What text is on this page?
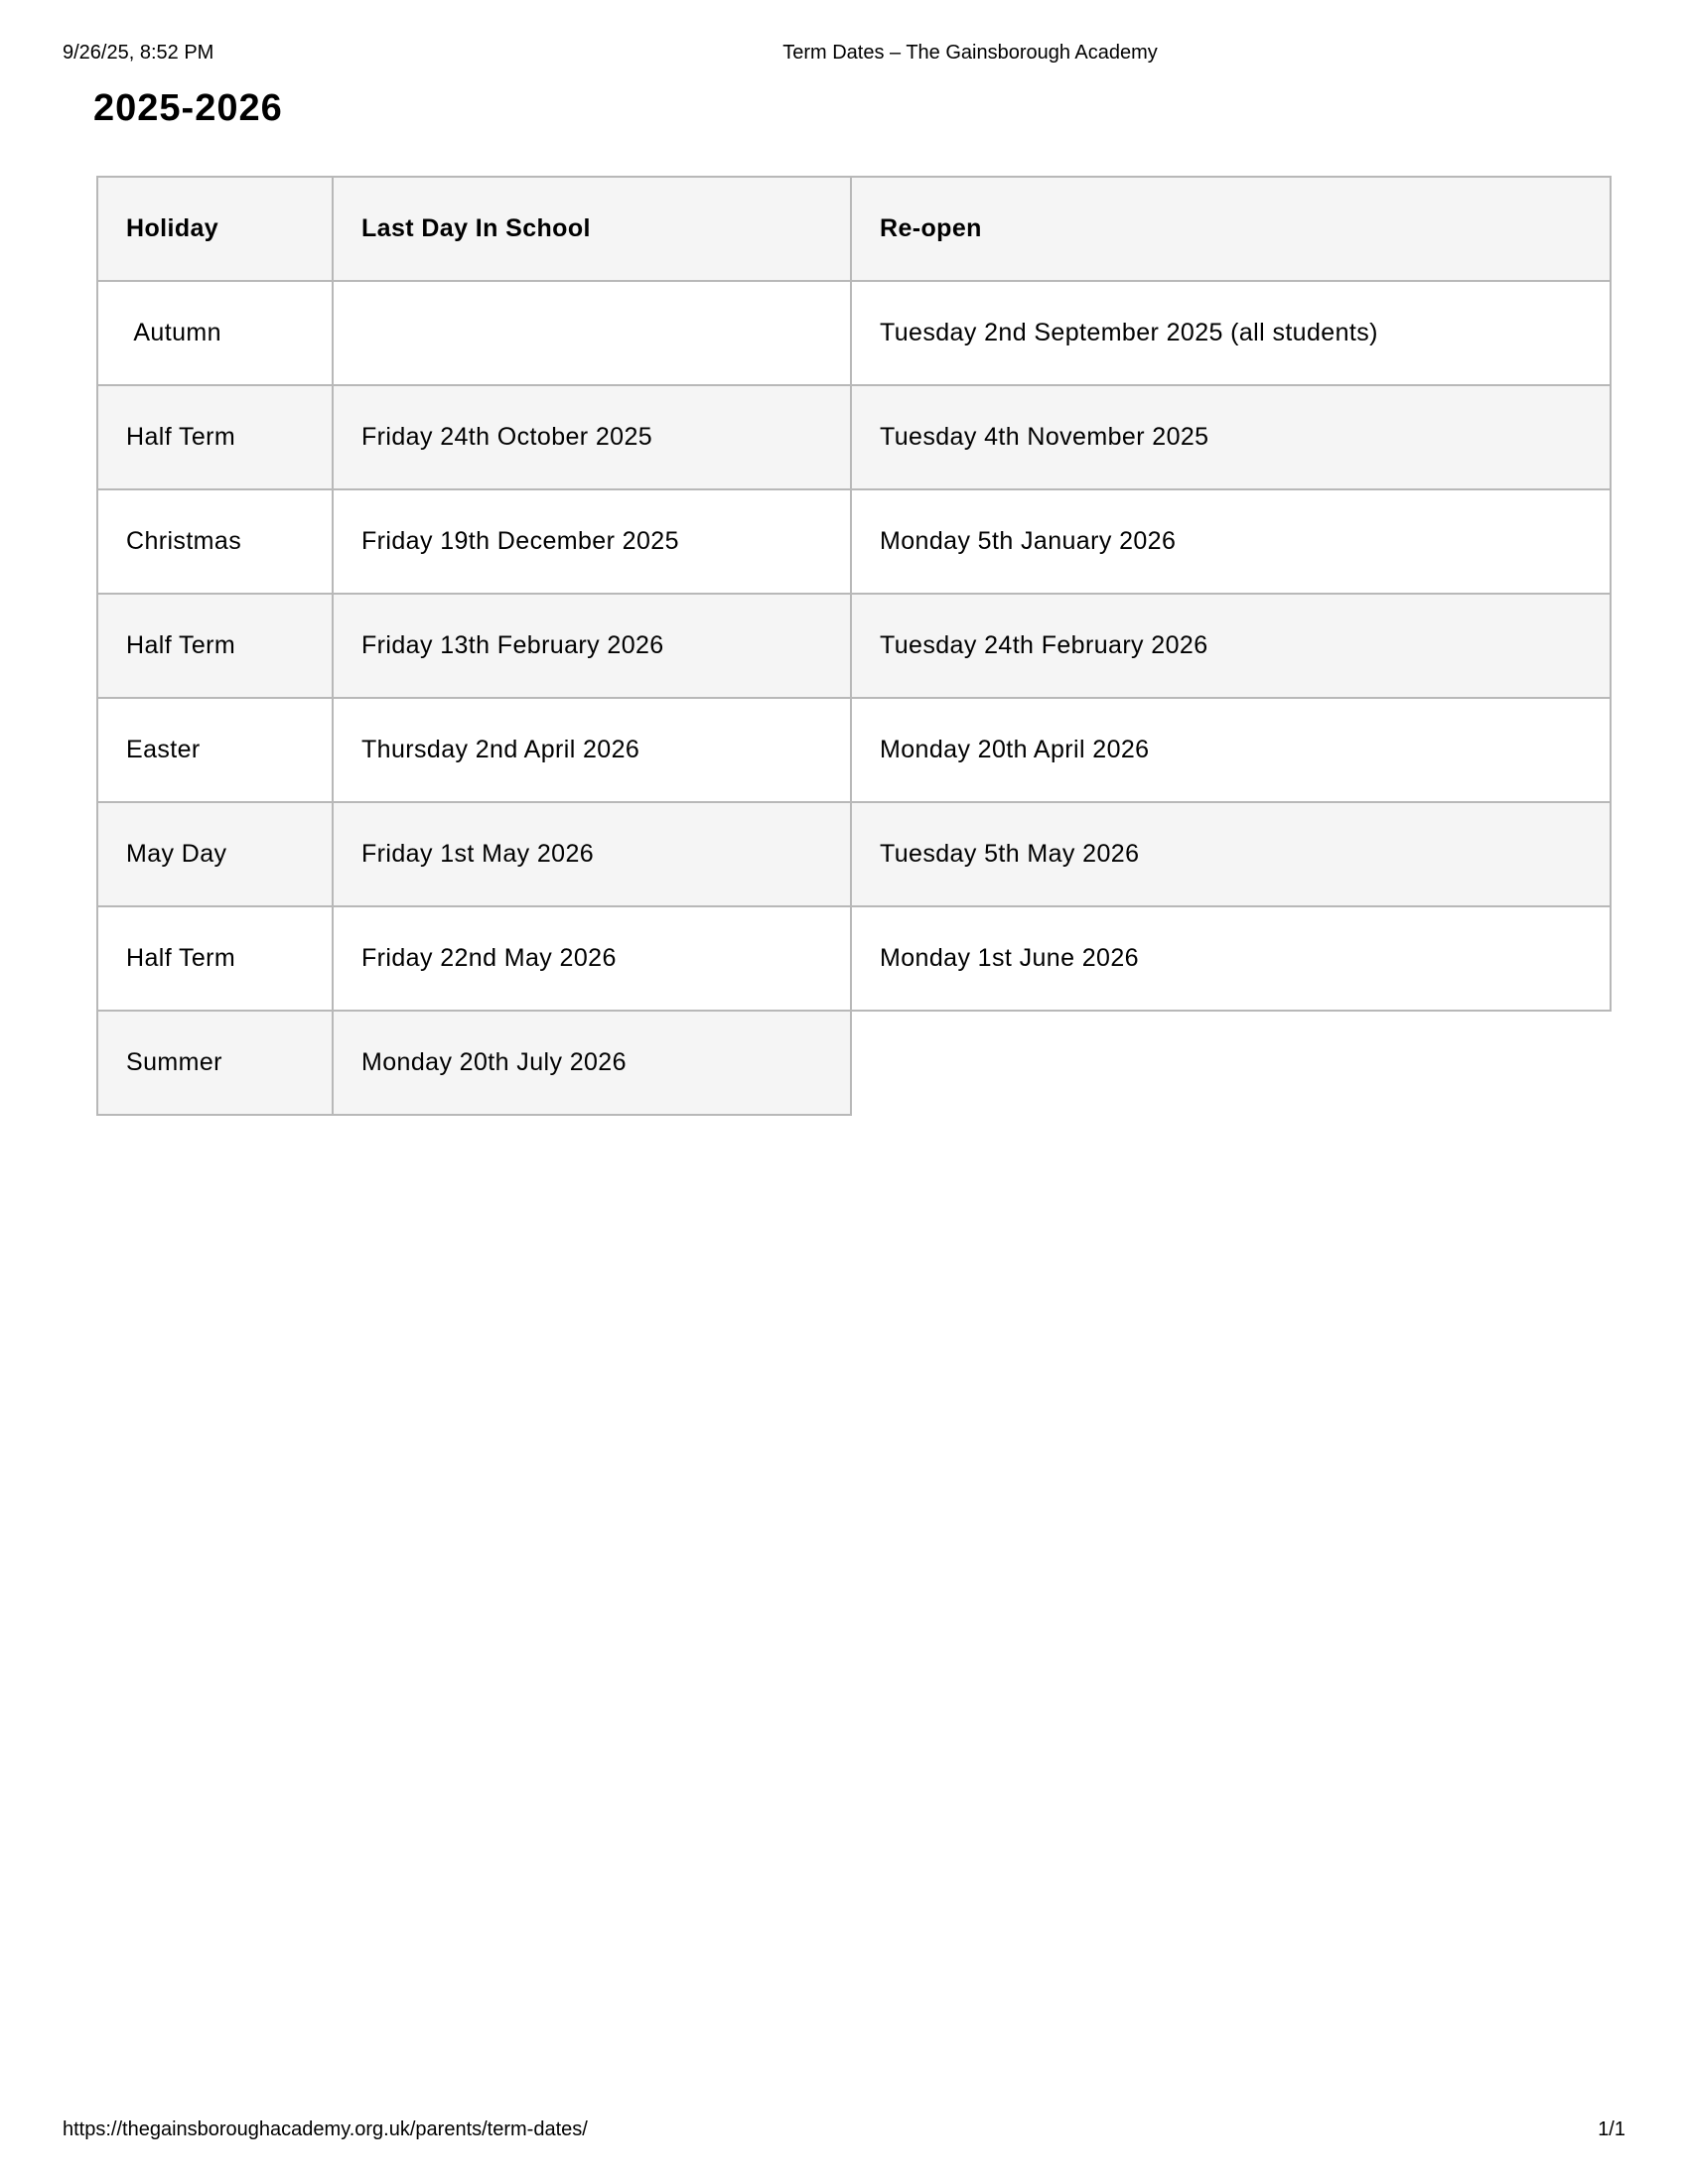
9/26/25, 8:52 PM	Term Dates – The Gainsborough Academy
2025-2026
Holiday	Last Day In School	Re-open
Autumn		Tuesday 2nd September 2025 (all students)
Half Term	Friday 24th October 2025	Tuesday 4th November 2025
Christmas	Friday 19th December 2025	Monday 5th January 2026
Half Term	Friday 13th February 2026	Tuesday 24th February 2026
Easter	Thursday 2nd April 2026	Monday 20th April 2026
May Day	Friday 1st May 2026	Tuesday 5th May 2026
Half Term	Friday 22nd May 2026	Monday 1st June 2026
Summer	Monday 20th July 2026	
https://thegainsboroughacademy.org.uk/parents/term-dates/	1/1
